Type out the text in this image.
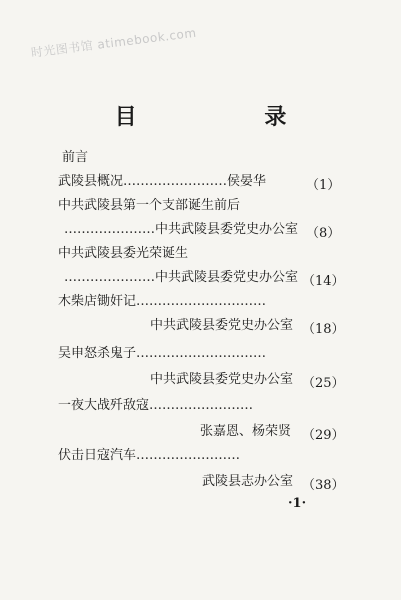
时光图书馆 atimebook.com
目 录
前言
武陵县概况……………………侯晏华	（1）
中共武陵县第一个支部诞生前后
…………………中共武陵县委党史办公室 （8）
中共武陵县委光荣诞生
…………………中共武陵县委党史办公室 （14）
木柴店锄奸记…………………………
中共武陵县委党史办公室 （18）
吴申怒杀鬼子…………………………
中共武陵县委党史办公室 （25）
一夜大战歼敌寇……………………
张嘉恩、杨荣贤 （29）
伏击日寇汽车……………………
武陵县志办公室 （38）
·1·
